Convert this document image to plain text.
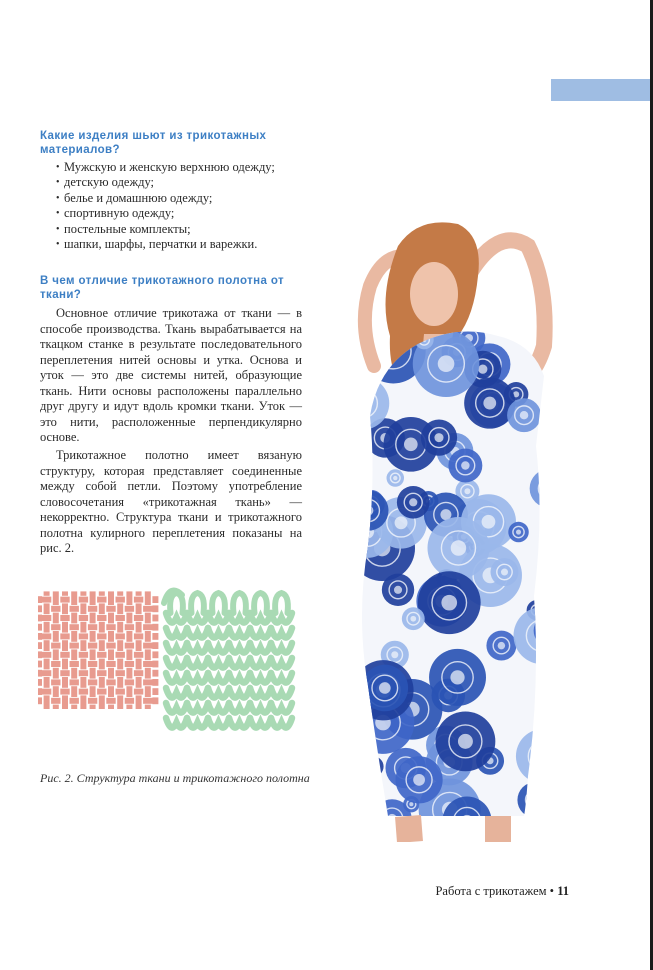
Какие изделия шьют из трикотажных материалов?
• Мужскую и женскую верхнюю одежду;
• детскую одежду;
• белье и домашнюю одежду;
• спортивную одежду;
• постельные комплекты;
• шапки, шарфы, перчатки и варежки.
В чем отличие трикотажного полотна от ткани?

Основное отличие трикотажа от ткани — в способе производства. Ткань вырабатывается на ткацком станке в результате последовательного переплетения нитей основы и утка. Основа и уток — это две системы нитей, образующие ткань. Нити основы расположены параллельно друг другу и идут вдоль кромки ткани. Уток — это нити, расположенные перпендикулярно основе.

Трикотажное полотно имеет вязаную структуру, которая представляет соединенные между собой петли. Поэтому употребление словосочетания «трикотажная ткань» — некорректно. Структура ткани и трикотажного полотна кулирного переплетения показаны на рис. 2.

Рис. 2. Структура ткани и трикотажного полотна

Работа с трикотажем • 11
